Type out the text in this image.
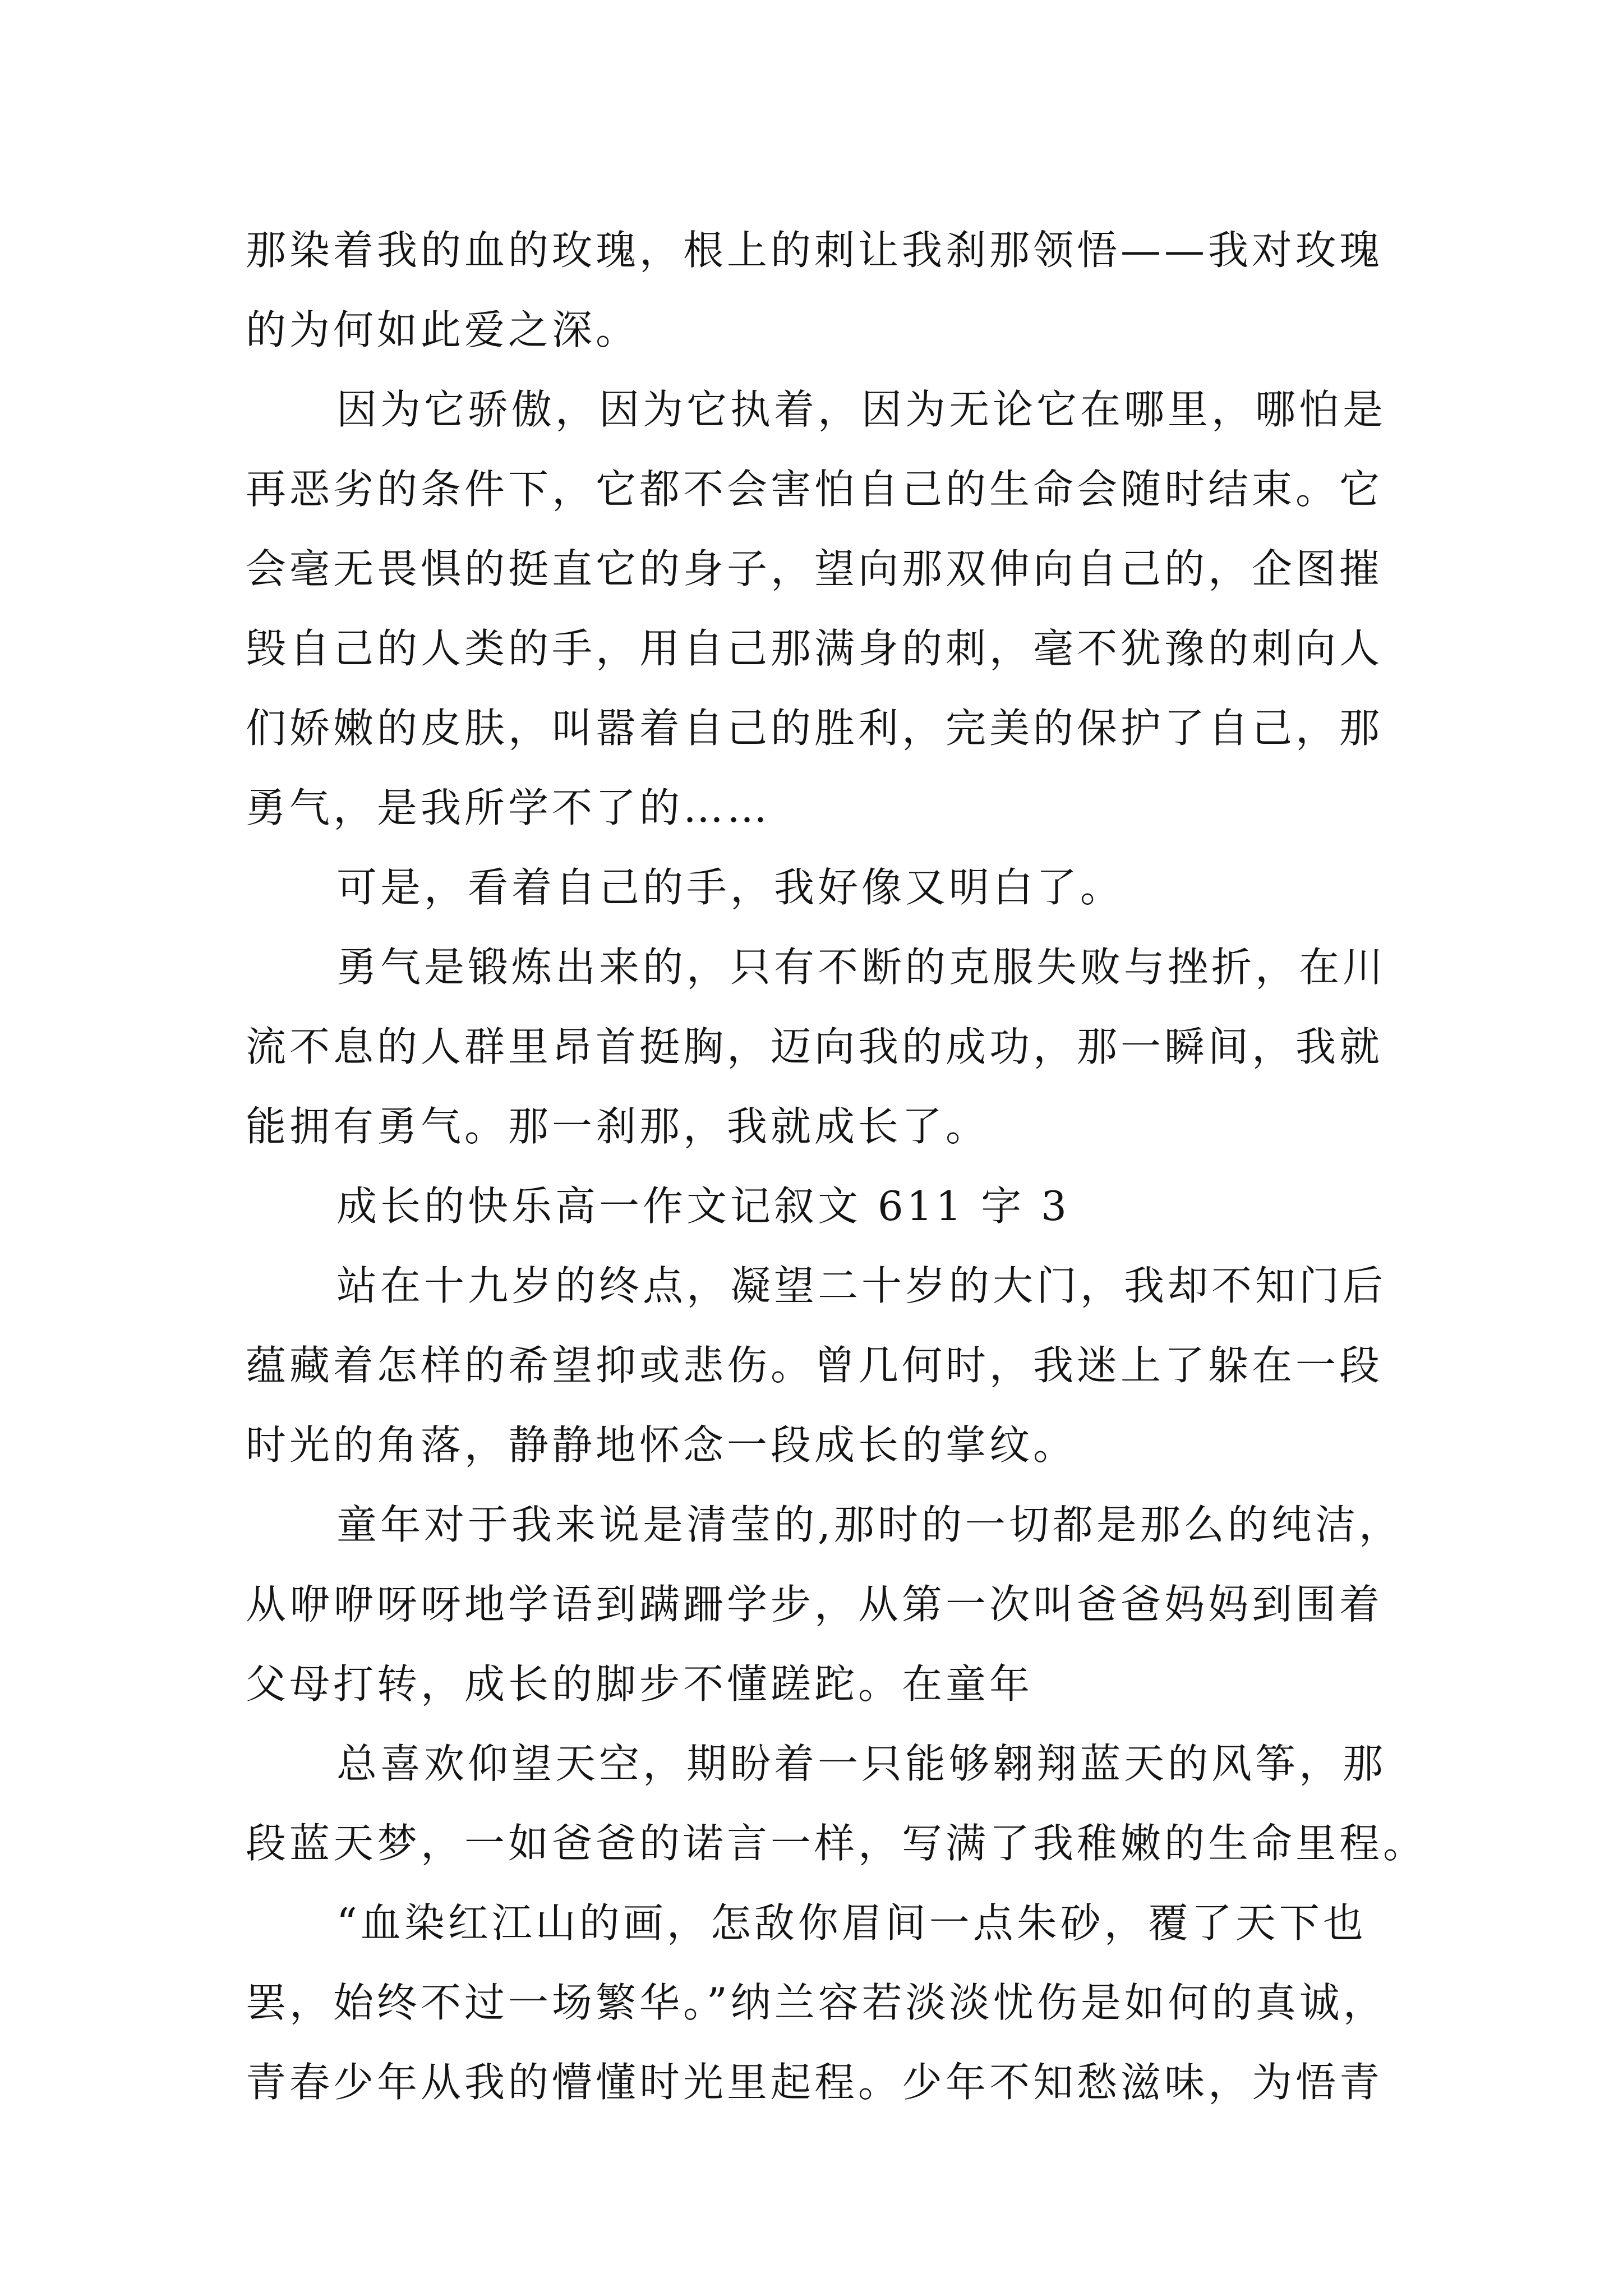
那染着我的血的玫瑰，根上的刺让我刹那领悟——我对玫瑰
的为何如此爱之深。
因为它骄傲，因为它执着，因为无论它在哪里，哪怕是
再恶劣的条件下，它都不会害怕自己的生命会随时结束。它
会毫无畏惧的挺直它的身子，望向那双伸向自己的，企图摧
毁自己的人类的手，用自己那满身的刺，毫不犹豫的刺向人
们娇嫩的皮肤，叫嚣着自己的胜利，完美的保护了自己，那
勇气，是我所学不了的……
可是，看着自己的手，我好像又明白了。
勇气是锻炼出来的，只有不断的克服失败与挫折，在川
流不息的人群里昂首挺胸，迈向我的成功，那一瞬间，我就
能拥有勇气。那一刹那，我就成长了。
成长的快乐高一作文记叙文 611 字 3
站在十九岁的终点，凝望二十岁的大门，我却不知门后
蕴藏着怎样的希望抑或悲伤。曾几何时，我迷上了躲在一段
时光的角落，静静地怀念一段成长的掌纹。
童年对于我来说是清莹的,那时的一切都是那么的纯洁，
从咿咿呀呀地学语到蹒跚学步，从第一次叫爸爸妈妈到围着
父母打转，成长的脚步不懂蹉跎。在童年
总喜欢仰望天空，期盼着一只能够翱翔蓝天的风筝，那
段蓝天梦，一如爸爸的诺言一样，写满了我稚嫩的生命里程。
“血染红江山的画，怎敌你眉间一点朱砂，覆了天下也
罢，始终不过一场繁华。”纳兰容若淡淡忧伤是如何的真诚，
青春少年从我的懵懂时光里起程。少年不知愁滋味，为悟青
